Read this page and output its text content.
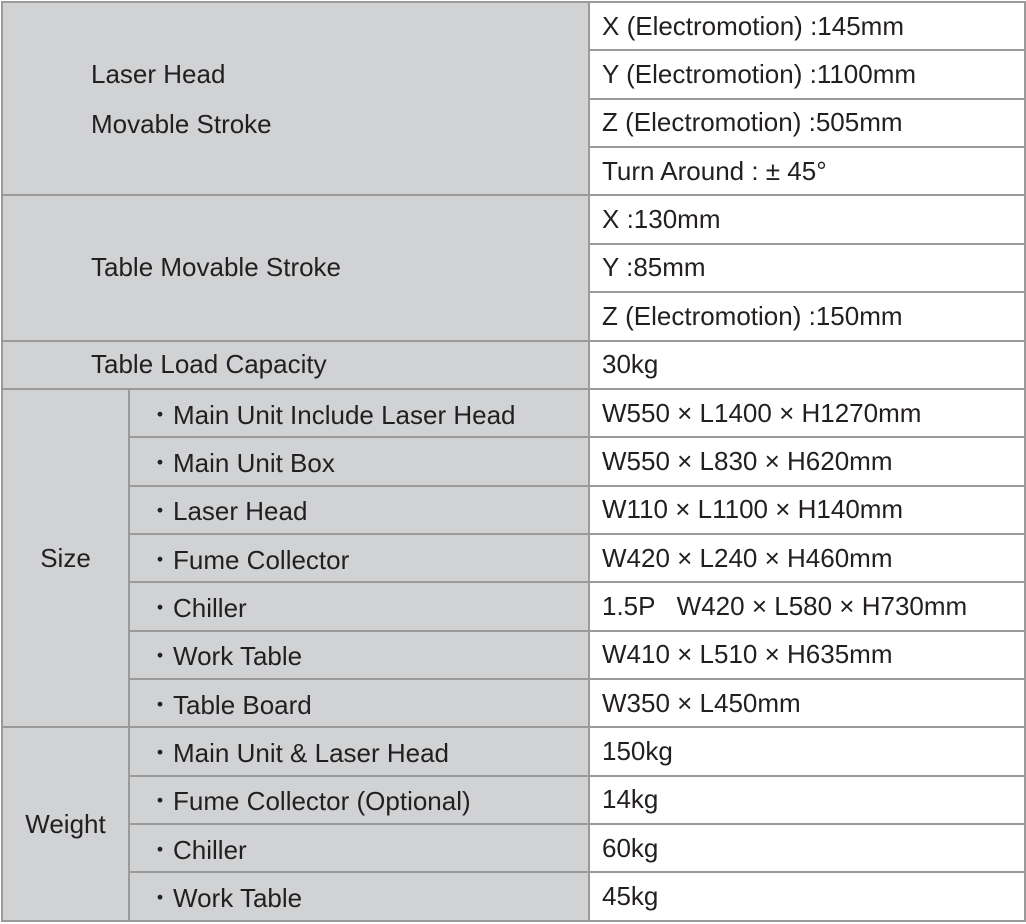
Laser Head
Movable Stroke		X (Electromotion) :145mm
		Y (Electromotion) :1100mm
		Z (Electromotion) :505mm
		Turn Around : ± 45°
Table Movable Stroke		X :130mm
		Y :85mm
		Z (Electromotion) :150mm
Table Load Capacity		30kg
Size	・Main Unit Include Laser Head	W550 × L1400 × H1270mm
	・Main Unit Box	W550 × L830 × H620mm
	・Laser Head	W110 × L1100 × H140mm
	・Fume Collector	W420 × L240 × H460mm
	・Chiller	1.5P   W420 × L580 × H730mm
	・Work Table	W410 × L510 × H635mm
	・Table Board	W350 × L450mm
Weight	・Main Unit & Laser Head	150kg
	・Fume Collector (Optional)	14kg
	・Chiller	60kg
	・Work Table	45kg
